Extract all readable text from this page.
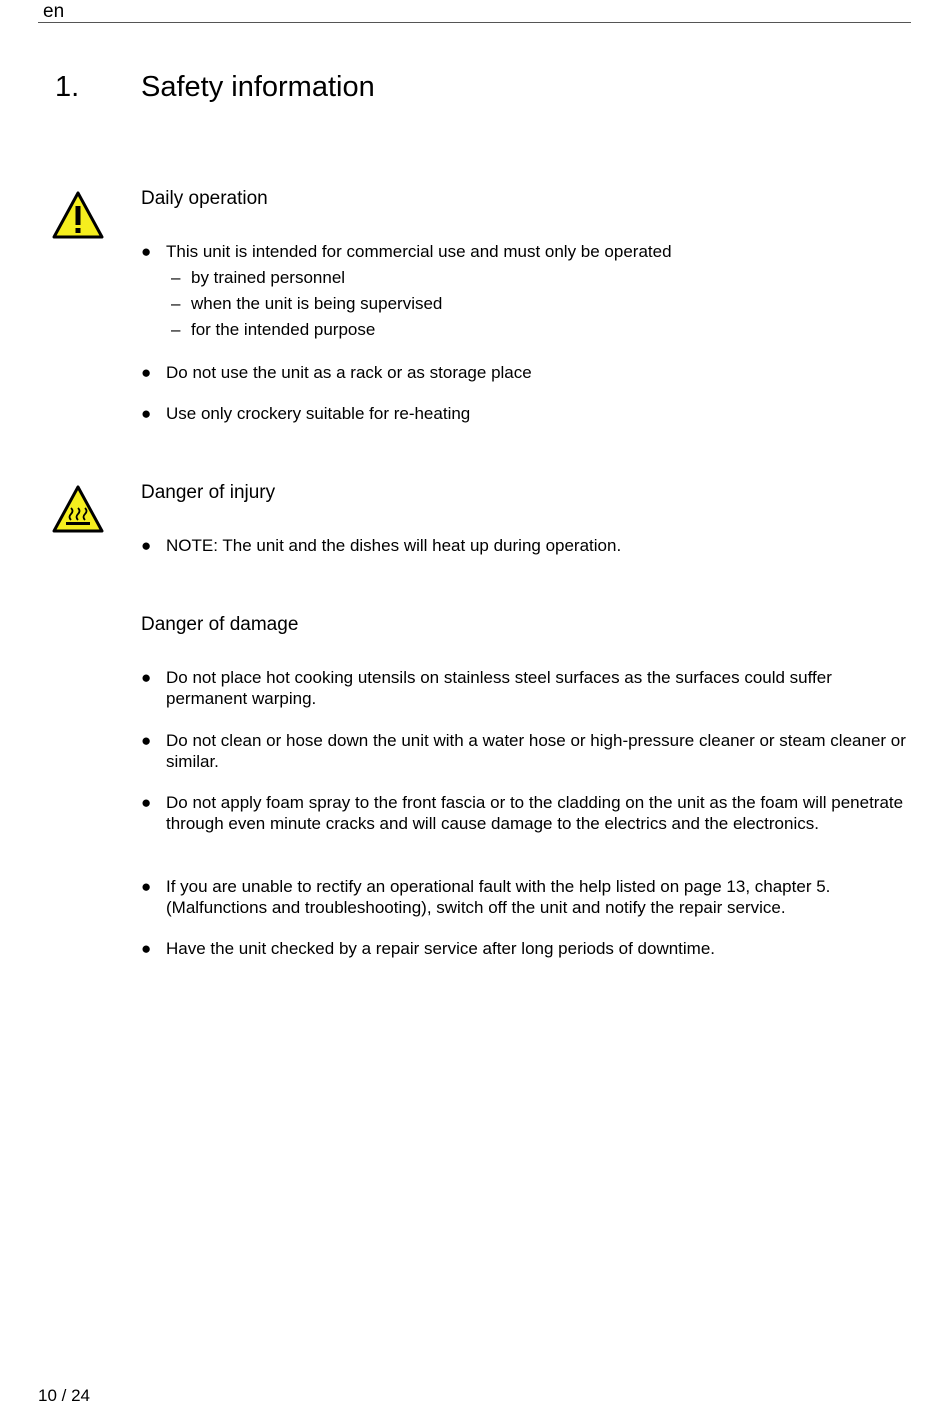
en
1. Safety information
Daily operation
● This unit is intended for commercial use and must only be operated
– by trained personnel
– when the unit is being supervised
– for the intended purpose
● Do not use the unit as a rack or as storage place
● Use only crockery suitable for re-heating
Danger of injury
● NOTE: The unit and the dishes will heat up during operation.
Danger of damage
● Do not place hot cooking utensils on stainless steel surfaces as the surfaces could suffer permanent warping.
● Do not clean or hose down the unit with a water hose or high-pressure cleaner or steam cleaner or similar.
● Do not apply foam spray to the front fascia or to the cladding on the unit as the foam will penetrate through even minute cracks and will cause damage to the electrics and the electronics.
● If you are unable to rectify an operational fault with the help listed on page 13, chapter 5. (Malfunctions and troubleshooting), switch off the unit and notify the repair service.
● Have the unit checked by a repair service after long periods of downtime.
10 / 24
